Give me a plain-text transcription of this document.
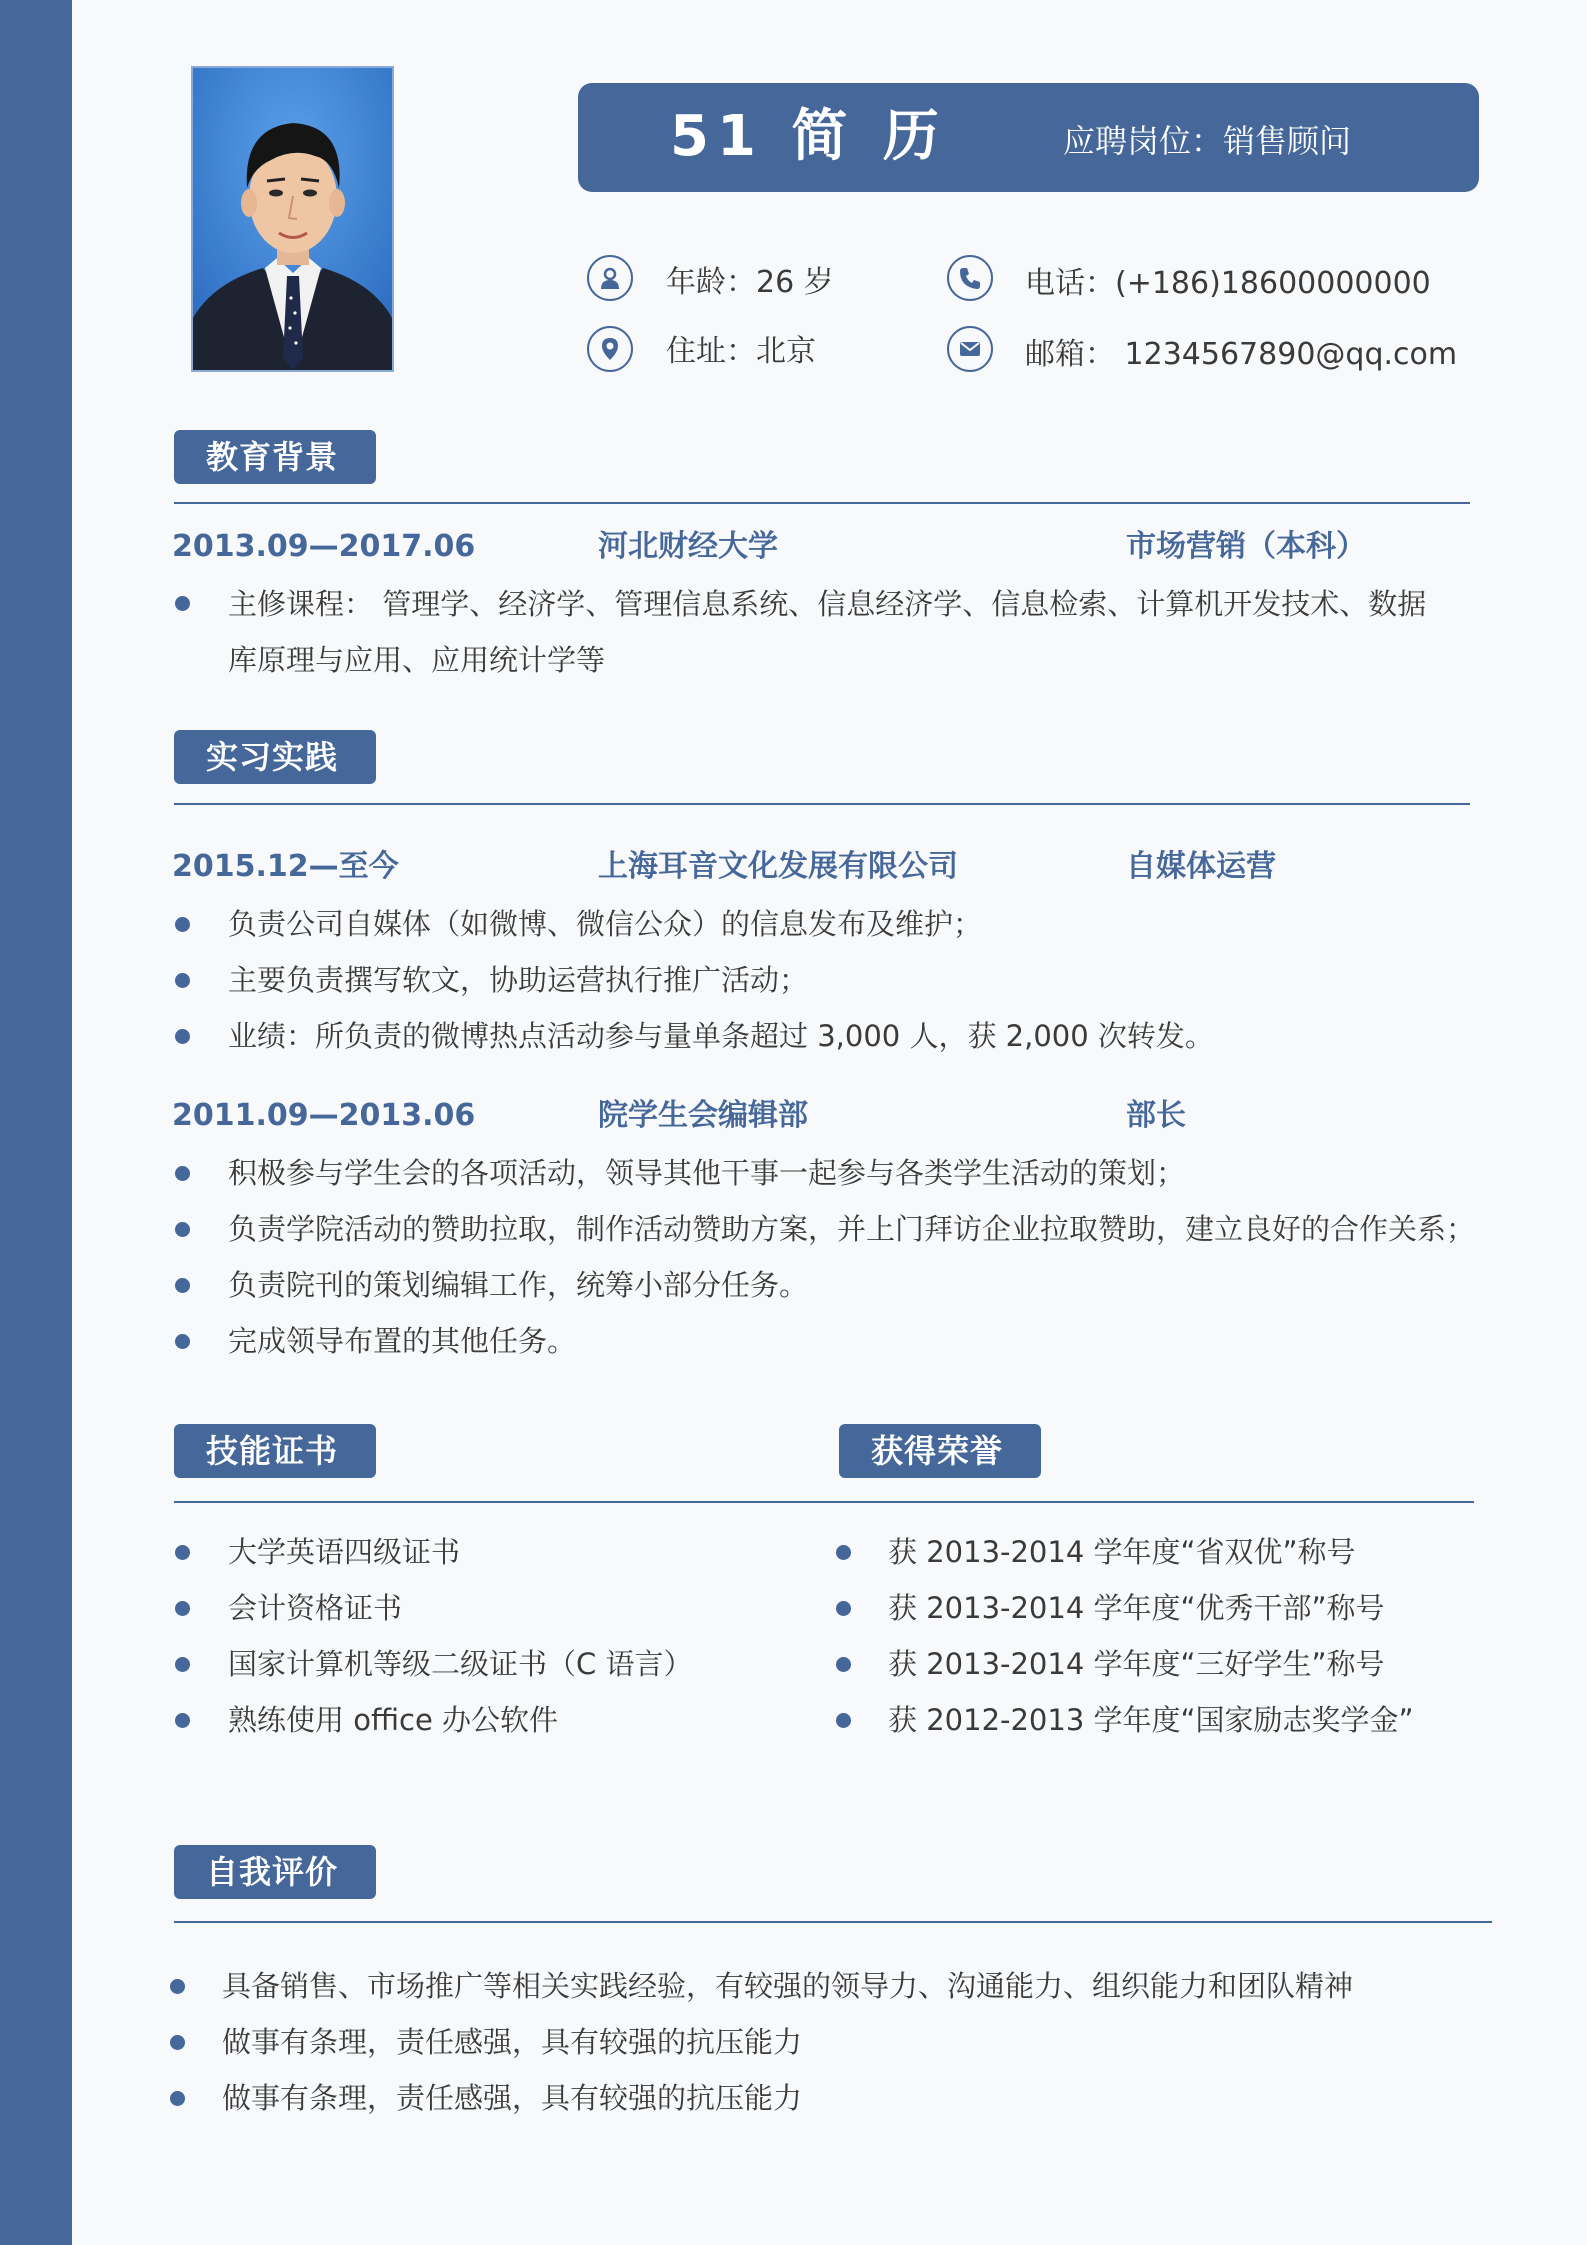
51 简 历	应聘岗位：销售顾问
年龄：26 岁	电话：(+186)18600000000
住址：北京	邮箱： 1234567890@qq.com
教育背景
2013.09—2017.06	河北财经大学	市场营销（本科）
主修课程： 管理学、经济学、管理信息系统、信息经济学、信息检索、计算机开发技术、数据
库原理与应用、应用统计学等
实习实践
2015.12—至今	上海耳音文化发展有限公司	自媒体运营
负责公司自媒体（如微博、微信公众）的信息发布及维护；
主要负责撰写软文，协助运营执行推广活动；
业绩：所负责的微博热点活动参与量单条超过 3,000 人，获 2,000 次转发。
2011.09—2013.06	院学生会编辑部	部长
积极参与学生会的各项活动，领导其他干事一起参与各类学生活动的策划；
负责学院活动的赞助拉取，制作活动赞助方案，并上门拜访企业拉取赞助，建立良好的合作关系；
负责院刊的策划编辑工作，统筹小部分任务。
完成领导布置的其他任务。
技能证书	获得荣誉
大学英语四级证书
会计资格证书
国家计算机等级二级证书（C 语言）
熟练使用 office 办公软件
获 2013-2014 学年度“省双优”称号
获 2013-2014 学年度“优秀干部”称号
获 2013-2014 学年度“三好学生”称号
获 2012-2013 学年度“国家励志奖学金”
自我评价
具备销售、市场推广等相关实践经验，有较强的领导力、沟通能力、组织能力和团队精神
做事有条理，责任感强，具有较强的抗压能力
做事有条理，责任感强，具有较强的抗压能力
